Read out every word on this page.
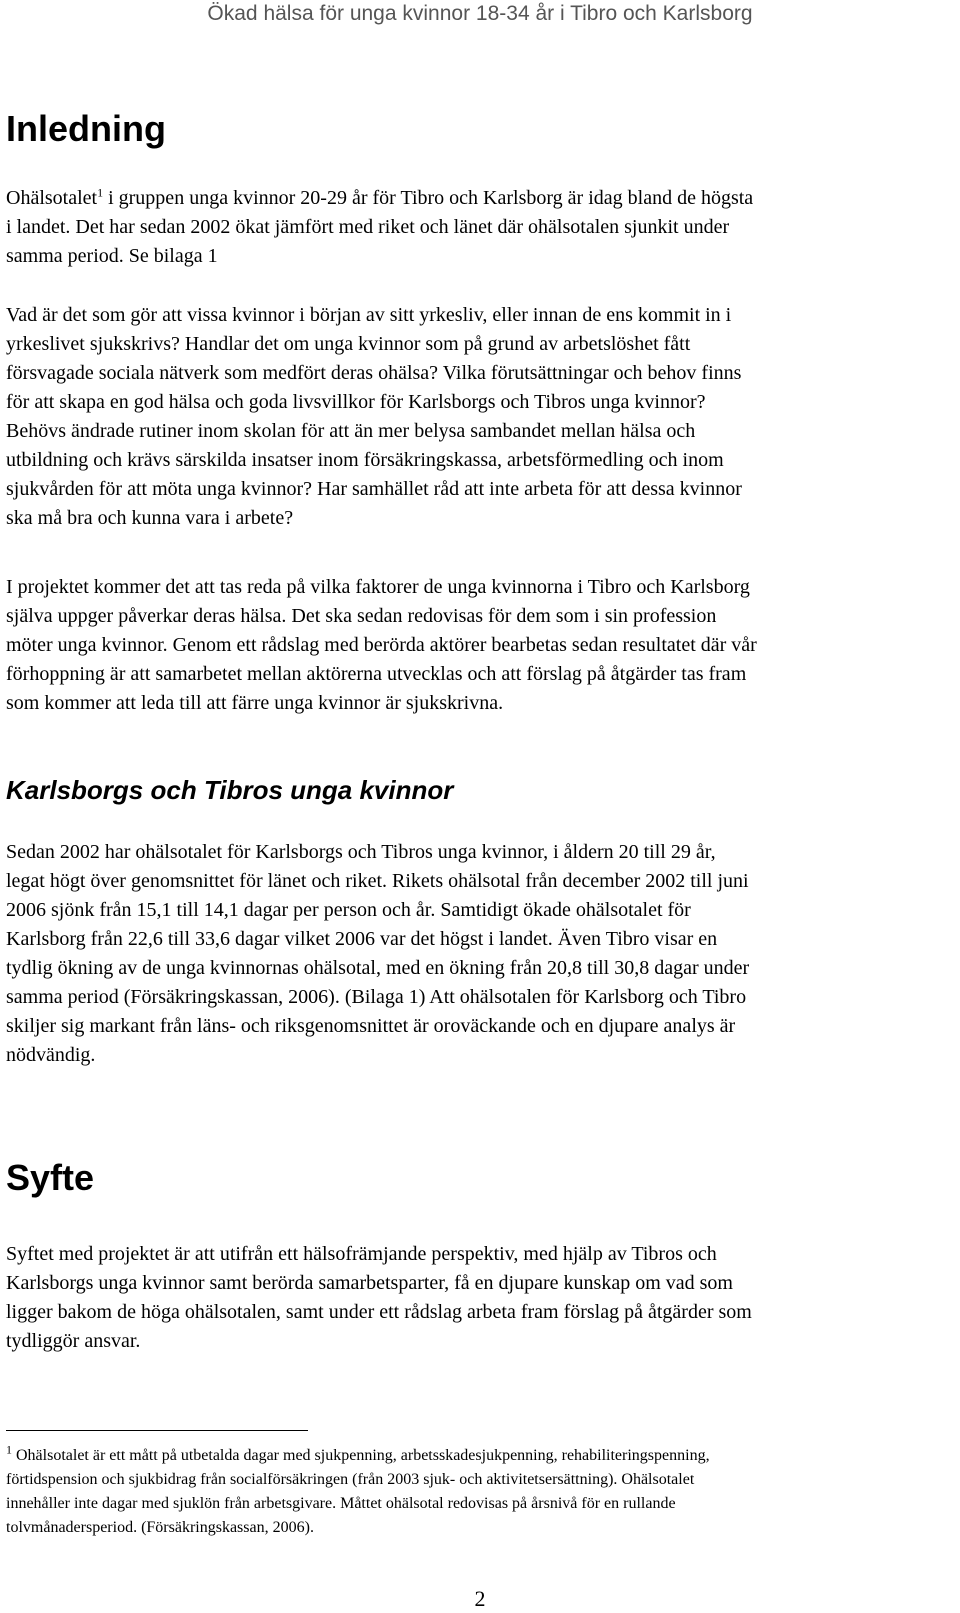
Ökad hälsa för unga kvinnor 18-34 år i Tibro och Karlsborg
Inledning
Ohälsotalet$^1$ i gruppen unga kvinnor 20-29 år för Tibro och Karlsborg är idag bland de högsta
i landet. Det har sedan 2002 ökat jämfört med riket och länet där ohälsotalen sjunkit under
samma period. Se bilaga 1
Vad är det som gör att vissa kvinnor i början av sitt yrkesliv, eller innan de ens kommit in i
yrkeslivet sjukskrivs? Handlar det om unga kvinnor som på grund av arbetslöshet fått
försvagade sociala nätverk som medfört deras ohälsa? Vilka förutsättningar och behov finns
för att skapa en god hälsa och goda livsvillkor för Karlsborgs och Tibros unga kvinnor?
Behövs ändrade rutiner inom skolan för att än mer belysa sambandet mellan hälsa och
utbildning och krävs särskilda insatser inom försäkringskassa, arbetsförmedling och inom
sjukvården för att möta unga kvinnor? Har samhället råd att inte arbeta för att dessa kvinnor
ska må bra och kunna vara i arbete?
I projektet kommer det att tas reda på vilka faktorer de unga kvinnorna i Tibro och Karlsborg
själva uppger påverkar deras hälsa. Det ska sedan redovisas för dem som i sin profession
möter unga kvinnor. Genom ett rådslag med berörda aktörer bearbetas sedan resultatet där vår
förhoppning är att samarbetet mellan aktörerna utvecklas och att förslag på åtgärder tas fram
som kommer att leda till att färre unga kvinnor är sjukskrivna.
Karlsborgs och Tibros unga kvinnor
Sedan 2002 har ohälsotalet för Karlsborgs och Tibros unga kvinnor, i åldern 20 till 29 år,
legat högt över genomsnittet för länet och riket. Rikets ohälsotal från december 2002 till juni
2006 sjönk från 15,1 till 14,1 dagar per person och år. Samtidigt ökade ohälsotalet för
Karlsborg från 22,6 till 33,6 dagar vilket 2006 var det högst i landet. Även Tibro visar en
tydlig ökning av de unga kvinnornas ohälsotal, med en ökning från 20,8 till 30,8 dagar under
samma period (Försäkringskassan, 2006). (Bilaga 1) Att ohälsotalen för Karlsborg och Tibro
skiljer sig markant från läns- och riksgenomsnittet är oroväckande och en djupare analys är
nödvändig.
Syfte
Syftet med projektet är att utifrån ett hälsofrämjande perspektiv, med hjälp av Tibros och
Karlsborgs unga kvinnor samt berörda samarbetsparter, få en djupare kunskap om vad som
ligger bakom de höga ohälsotalen, samt under ett rådslag arbeta fram förslag på åtgärder som
tydliggör ansvar.
$^1$ Ohälsotalet är ett mått på utbetalda dagar med sjukpenning, arbetsskadesjukpenning, rehabiliteringspenning,
förtidspension och sjukbidrag från socialförsäkringen (från 2003 sjuk- och aktivitetsersättning). Ohälsotalet
innehåller inte dagar med sjuklön från arbetsgivare. Måttet ohälsotal redovisas på årsnivå för en rullande
tolvmånadersperiod. (Försäkringskassan, 2006).
2
